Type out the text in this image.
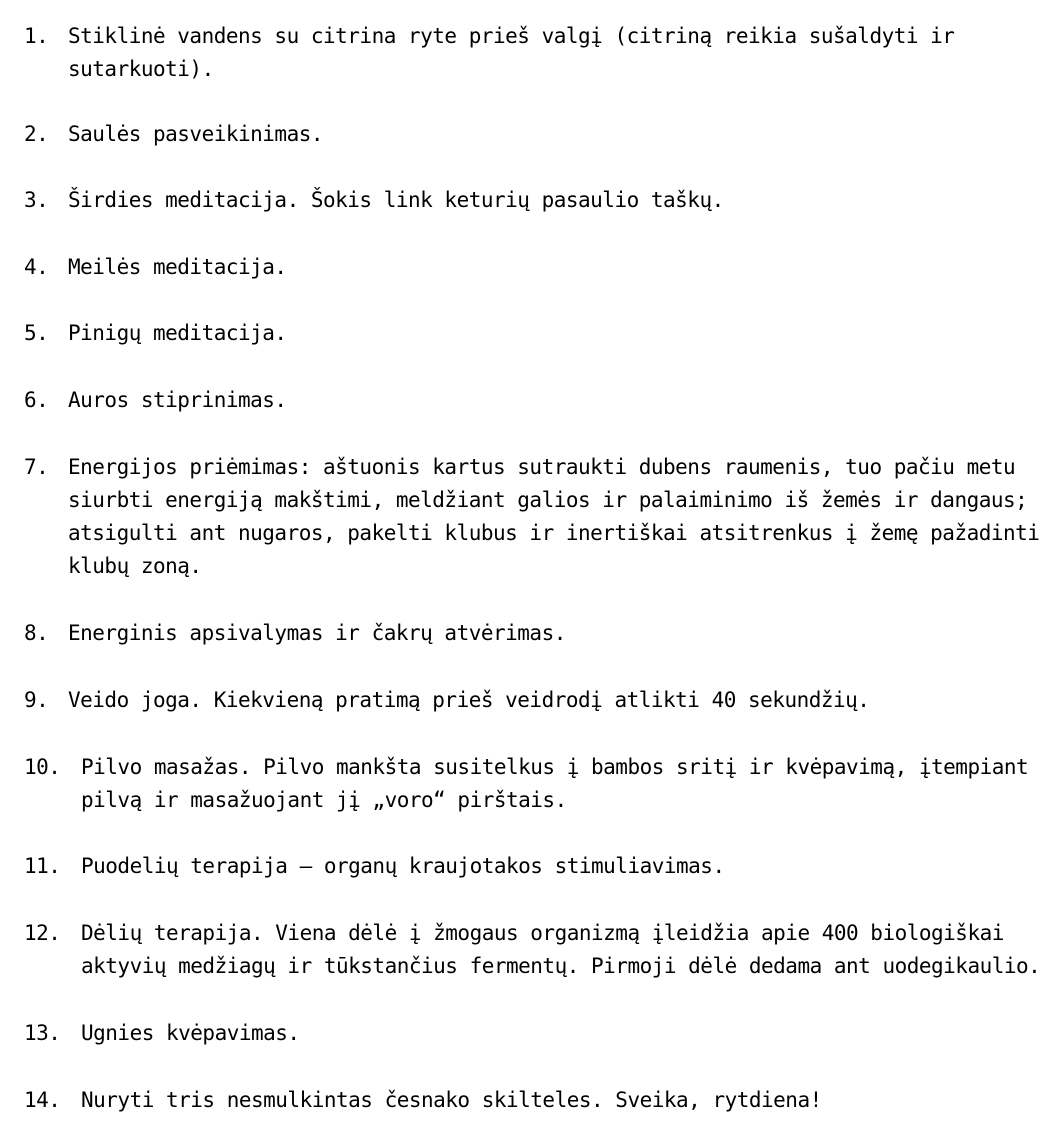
1. Stiklinė vandens su citrina ryte prieš valgį (citriną reikia sušaldyti ir
sutarkuoti).
2. Saulės pasveikinimas.
3. Širdies meditacija. Šokis link keturių pasaulio taškų.
4. Meilės meditacija.
5. Pinigų meditacija.
6. Auros stiprinimas.
7. Energijos priėmimas: aštuonis kartus sutraukti dubens raumenis, tuo pačiu metu
siurbti energiją makštimi, meldžiant galios ir palaiminimo iš žemės ir dangaus;
atsigulti ant nugaros, pakelti klubus ir inertiškai atsitrenkus į žemę pažadinti
klubų zoną.
8. Energinis apsivalymas ir čakrų atvėrimas.
9. Veido joga. Kiekvieną pratimą prieš veidrodį atlikti 40 sekundžių.
10. Pilvo masažas. Pilvo mankšta susitelkus į bambos sritį ir kvėpavimą, įtempiant
pilvą ir masažuojant jį „voro“ pirštais.
11. Puodelių terapija – organų kraujotakos stimuliavimas.
12. Dėlių terapija. Viena dėlė į žmogaus organizmą įleidžia apie 400 biologiškai
aktyvių medžiagų ir tūkstančius fermentų. Pirmoji dėlė dedama ant uodegikaulio.
13. Ugnies kvėpavimas.
14. Nuryti tris nesmulkintas česnako skilteles. Sveika, rytdiena!
